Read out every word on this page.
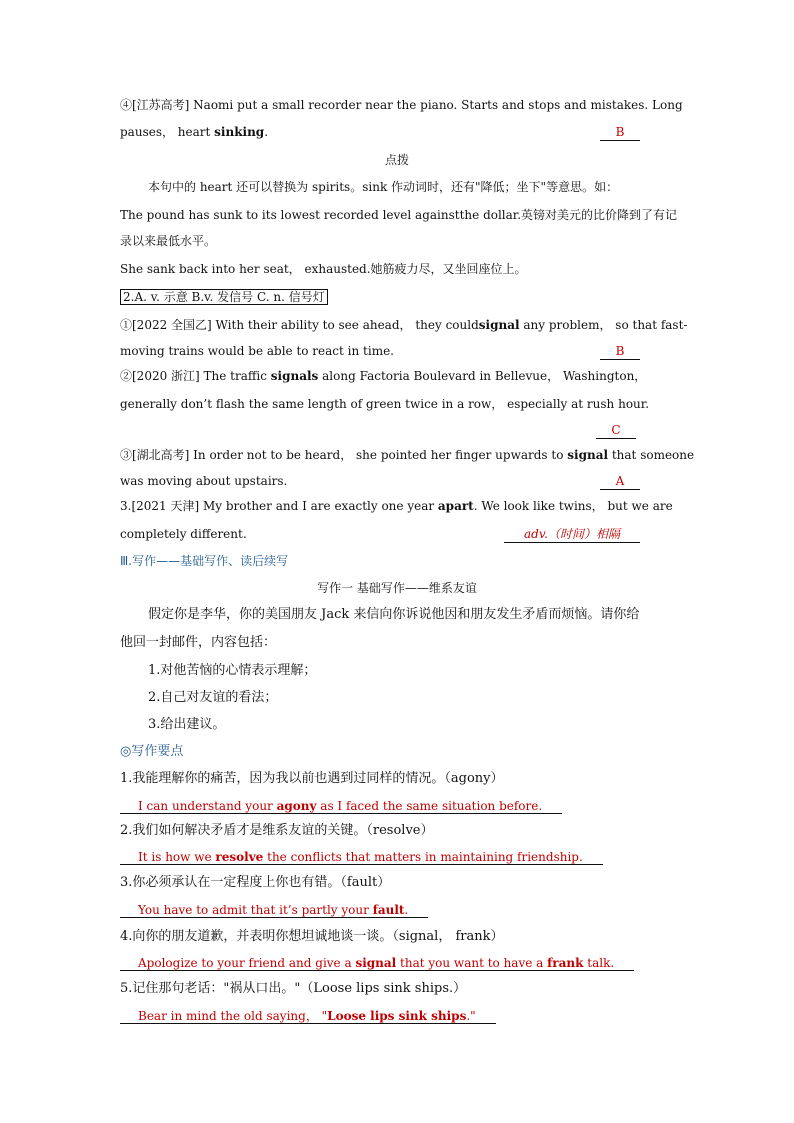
④[江苏高考] Naomi put a small recorder near the piano. Starts and stops and mistakes. Long
pauses， heart sinking.	B
点拨
本句中的 heart 还可以替换为 spirits。sink 作动词时，还有"降低；坐下"等意思。如：
The pound has sunk to its lowest recorded level againstthe dollar.英镑对美元的比价降到了有记
录以来最低水平。
She sank back into her seat， exhausted.她筋疲力尽，又坐回座位上。
2.A. v. 示意 B.v. 发信号 C. n. 信号灯
①[2022 全国乙] With their ability to see ahead， they couldsignal any problem， so that fast-
moving trains would be able to react in time.	B
②[2020 浙江] The traffic signals along Factoria Boulevard in Bellevue， Washington，
generally don’t flash the same length of green twice in a row， especially at rush hour.
C
③[湖北高考] In order not to be heard， she pointed her finger upwards to signal that someone
was moving about upstairs.	A
3.[2021 天津] My brother and I are exactly one year apart. We look like twins， but we are
completely different.	adv.（时间）相隔
Ⅲ.写作——基础写作、读后续写
写作一 基础写作——维系友谊
假定你是李华，你的美国朋友 Jack 来信向你诉说他因和朋友发生矛盾而烦恼。请你给
他回一封邮件，内容包括：
1.对他苦恼的心情表示理解；
2.自己对友谊的看法；
3.给出建议。
◎写作要点
1.我能理解你的痛苦，因为我以前也遇到过同样的情况。（agony）
I can understand your agony as I faced the same situation before.
2.我们如何解决矛盾才是维系友谊的关键。（resolve）
It is how we resolve the conflicts that matters in maintaining friendship.
3.你必须承认在一定程度上你也有错。（fault）
You have to admit that it’s partly your fault.
4.向你的朋友道歉，并表明你想坦诚地谈一谈。（signal， frank）
Apologize to your friend and give a signal that you want to have a frank talk.
5.记住那句老话："祸从口出。"（Loose lips sink ships.）
Bear in mind the old saying， "Loose lips sink ships."
